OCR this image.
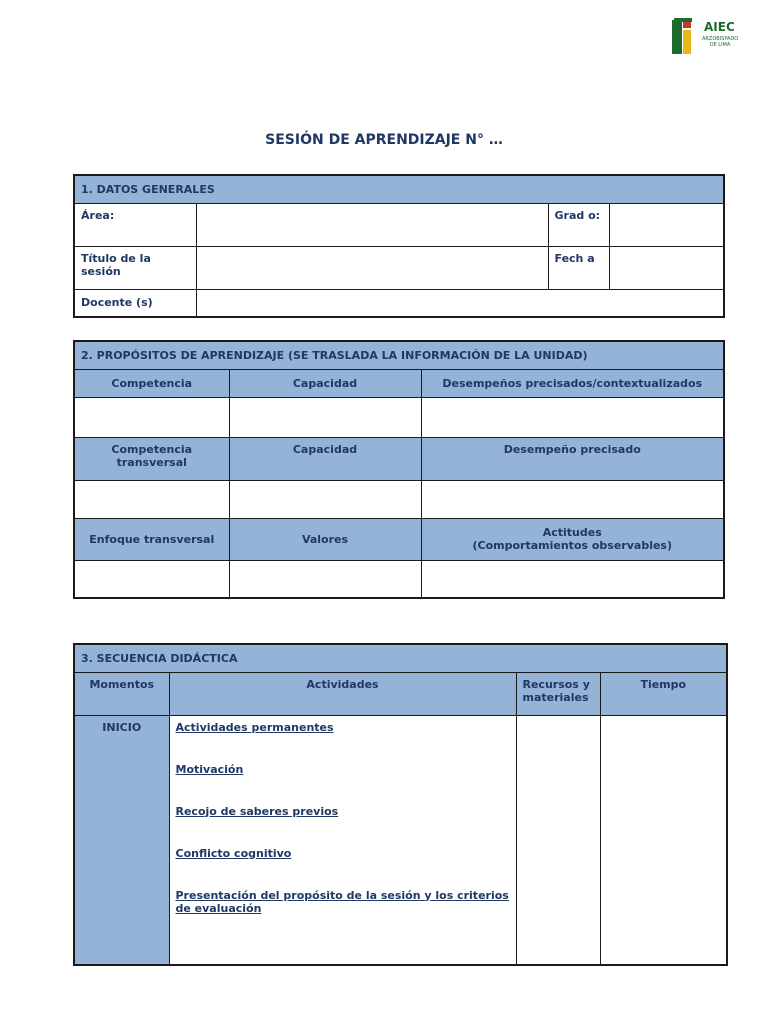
AIEC
ARZOBISPADO DE LIMA
SESIÓN DE APRENDIZAJE N° …
1. DATOS GENERALES			
Área:		Grad o:	
Título de la sesión		Fech a	
Docente (s)			
2. PROPÓSITOS DE APRENDIZAJE (SE TRASLADA LA INFORMACIÓN DE LA UNIDAD)		
Competencia	Capacidad	Desempeños precisados/contextualizados

Competencia transversal	Capacidad	Desempeño precisado

Enfoque transversal	Valores	Actitudes
(Comportamientos observables)

3. SECUENCIA DIDÁCTICA			
Momentos	Actividades	Recursos y materiales	Tiempo
INICIO	Actividades permanentes
Motivación
Recojo de saberes previos
Conflicto cognitivo
Presentación del propósito de la sesión y los criterios de evaluación		
